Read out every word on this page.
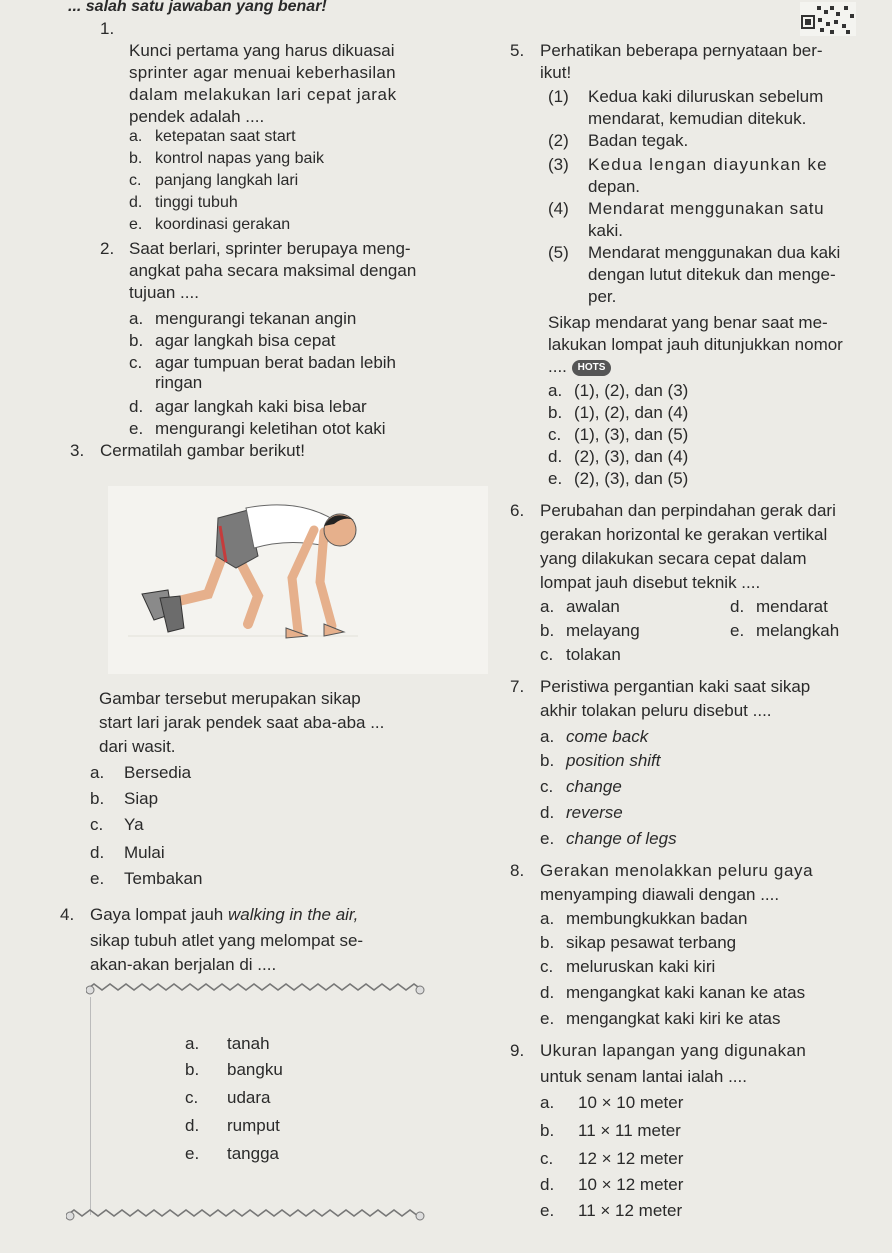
... salah satu jawaban yang benar!
1.
Kunci pertama yang harus dikuasai
sprinter agar menuai keberhasilan
dalam melakukan lari cepat jarak
pendek adalah ....
a. ketepatan saat start
b. kontrol napas yang baik
c. panjang langkah lari
d. tinggi tubuh
e. koordinasi gerakan
2. Saat berlari, sprinter berupaya meng-
angkat paha secara maksimal dengan
tujuan ....
a. mengurangi tekanan angin
b. agar langkah bisa cepat
c. agar tumpuan berat badan lebih
ringan
d. agar langkah kaki bisa lebar
e. mengurangi keletihan otot kaki
3. Cermatilah gambar berikut!
Gambar tersebut merupakan sikap
start lari jarak pendek saat aba-aba ...
dari wasit.
a. Bersedia
b. Siap
c. Ya
d. Mulai
e. Tembakan
4. Gaya lompat jauh walking in the air,
sikap tubuh atlet yang melompat se-
akan-akan berjalan di ....
a. tanah
b. bangku
c. udara
d. rumput
e. tangga
5. Perhatikan beberapa pernyataan ber-
ikut!
(1) Kedua kaki diluruskan sebelum
mendarat, kemudian ditekuk.
(2) Badan tegak.
(3) Kedua lengan diayunkan ke
depan.
(4) Mendarat menggunakan satu
kaki.
(5) Mendarat menggunakan dua kaki
dengan lutut ditekuk dan menge-
per.
Sikap mendarat yang benar saat me-
lakukan lompat jauh ditunjukkan nomor
.... HOTS
a. (1), (2), dan (3)
b. (1), (2), dan (4)
c. (1), (3), dan (5)
d. (2), (3), dan (4)
e. (2), (3), dan (5)
6. Perubahan dan perpindahan gerak dari
gerakan horizontal ke gerakan vertikal
yang dilakukan secara cepat dalam
lompat jauh disebut teknik ....
a. awalan	d. mendarat
b. melayang	e. melangkah
c. tolakan
7. Peristiwa pergantian kaki saat sikap
akhir tolakan peluru disebut ....
a. come back
b. position shift
c. change
d. reverse
e. change of legs
8. Gerakan menolakkan peluru gaya
menyamping diawali dengan ....
a. membungkukkan badan
b. sikap pesawat terbang
c. meluruskan kaki kiri
d. mengangkat kaki kanan ke atas
e. mengangkat kaki kiri ke atas
9. Ukuran lapangan yang digunakan
untuk senam lantai ialah ....
a. 10 × 10 meter
b. 11 × 11 meter
c. 12 × 12 meter
d. 10 × 12 meter
e. 11 × 12 meter
